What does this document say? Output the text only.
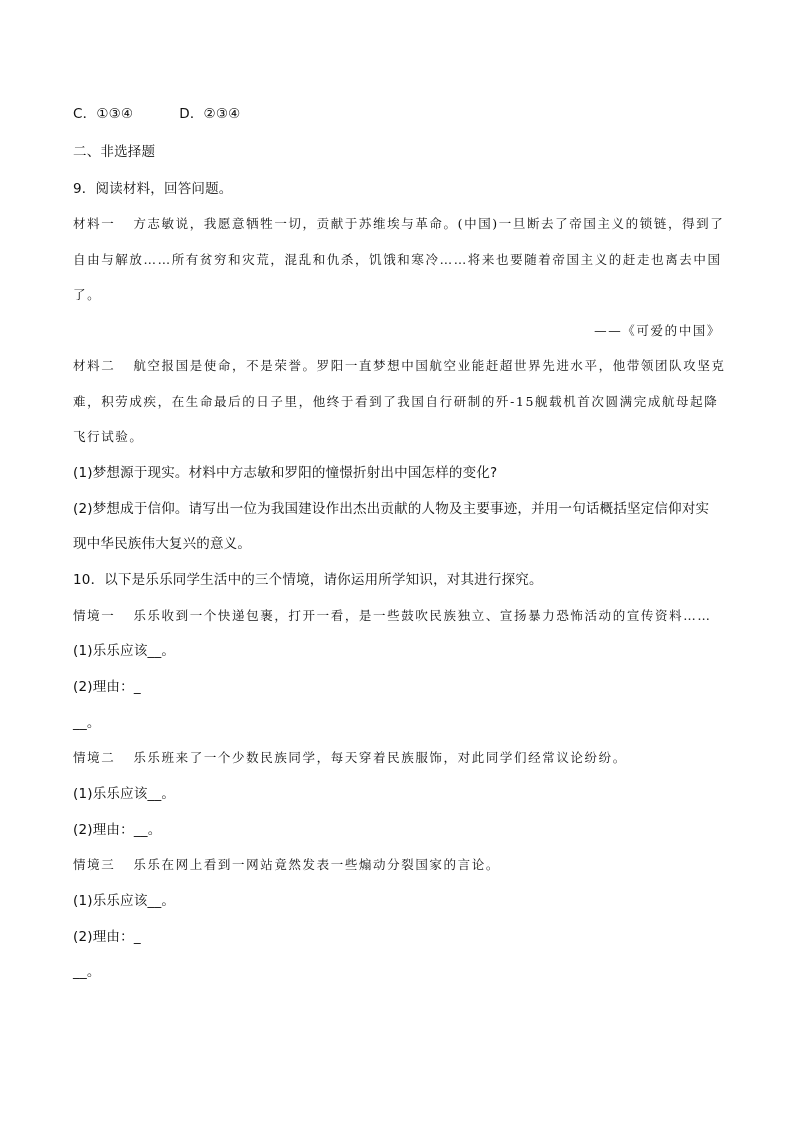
C．①③④	D．②③④
二、非选择题
9．阅读材料，回答问题。
材料一 方志敏说，我愿意牺牲一切，贡献于苏维埃与革命。(中国)一旦断去了帝国主义的锁链，得到了
自由与解放……所有贫穷和灾荒，混乱和仇杀，饥饿和寒冷……将来也要随着帝国主义的赶走也离去中国
了。
——《可爱的中国》
材料二 航空报国是使命，不是荣誉。罗阳一直梦想中国航空业能赶超世界先进水平，他带领团队攻坚克
难，积劳成疾，在生命最后的日子里，他终于看到了我国自行研制的歼-15舰载机首次圆满完成航母起降
飞行试验。
(1)梦想源于现实。材料中方志敏和罗阳的憧憬折射出中国怎样的变化?
(2)梦想成于信仰。请写出一位为我国建设作出杰出贡献的人物及主要事迹，并用一句话概括坚定信仰对实
现中华民族伟大复兴的意义。
10．以下是乐乐同学生活中的三个情境，请你运用所学知识，对其进行探究。
情境一 乐乐收到一个快递包裹，打开一看，是一些鼓吹民族独立、宣扬暴力恐怖活动的宣传资料……
(1)乐乐应该__。
(2)理由：_
__。
情境二 乐乐班来了一个少数民族同学，每天穿着民族服饰，对此同学们经常议论纷纷。
(1)乐乐应该__。
(2)理由：__。
情境三 乐乐在网上看到一网站竟然发表一些煽动分裂国家的言论。
(1)乐乐应该__。
(2)理由：_
__。
